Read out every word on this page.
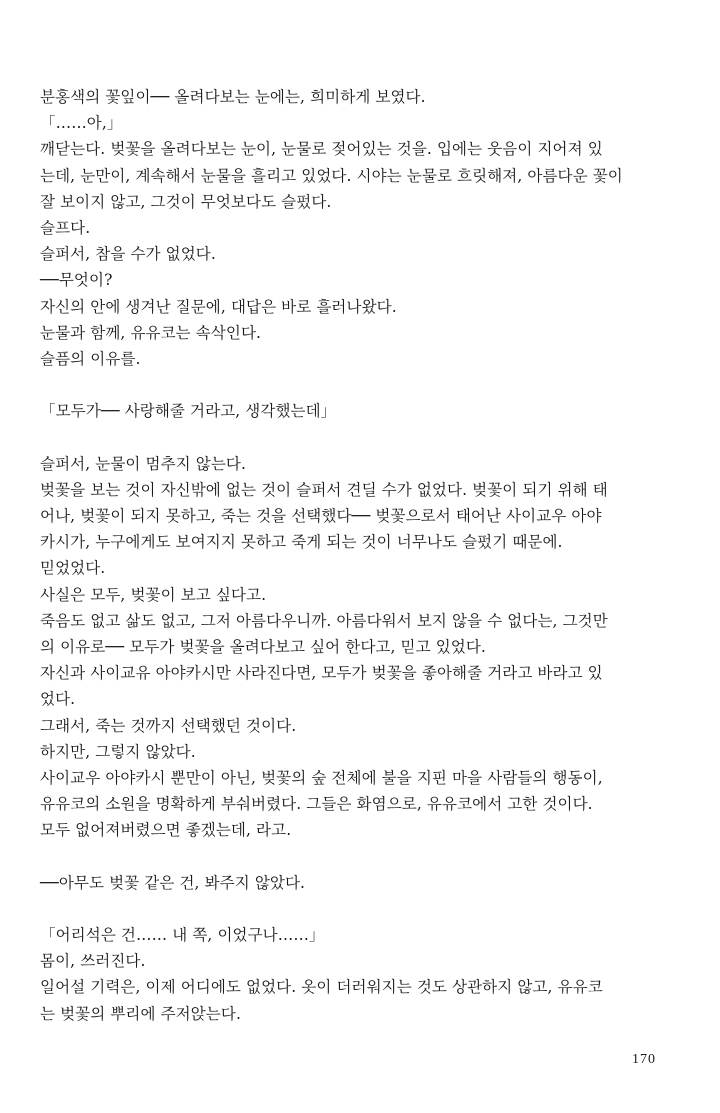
분홍색의 꽃잎이── 올려다보는 눈에는, 희미하게 보였다.
「……아,」
깨닫는다. 벚꽃을 올려다보는 눈이, 눈물로 젖어있는 것을. 입에는 웃음이 지어져 있
는데, 눈만이, 계속해서 눈물을 흘리고 있었다. 시야는 눈물로 흐릿해져, 아름다운 꽃이
잘 보이지 않고, 그것이 무엇보다도 슬펐다.
슬프다.
슬퍼서, 참을 수가 없었다.
──무엇이?
자신의 안에 생겨난 질문에, 대답은 바로 흘러나왔다.
눈물과 함께, 유유코는 속삭인다.
슬픔의 이유를.
「모두가── 사랑해줄 거라고, 생각했는데」
슬퍼서, 눈물이 멈추지 않는다.
벚꽃을 보는 것이 자신밖에 없는 것이 슬퍼서 견딜 수가 없었다. 벚꽃이 되기 위해 태
어나, 벚꽃이 되지 못하고, 죽는 것을 선택했다── 벚꽃으로서 태어난 사이교우 아야
카시가, 누구에게도 보여지지 못하고 죽게 되는 것이 너무나도 슬펐기 때문에.
믿었었다.
사실은 모두, 벚꽃이 보고 싶다고.
죽음도 없고 삶도 없고, 그저 아름다우니까. 아름다워서 보지 않을 수 없다는, 그것만
의 이유로── 모두가 벚꽃을 올려다보고 싶어 한다고, 믿고 있었다.
자신과 사이교유 아야카시만 사라진다면, 모두가 벚꽃을 좋아해줄 거라고 바라고 있
었다.
그래서, 죽는 것까지 선택했던 것이다.
하지만, 그렇지 않았다.
사이교우 아야카시 뿐만이 아닌, 벚꽃의 숲 전체에 불을 지핀 마을 사람들의 행동이,
유유코의 소원을 명확하게 부숴버렸다. 그들은 화염으로, 유유코에서 고한 것이다.
모두 없어져버렸으면 좋겠는데, 라고.
──아무도 벚꽃 같은 건, 봐주지 않았다.
「어리석은 건…… 내 쪽, 이었구나……」
몸이, 쓰러진다.
일어설 기력은, 이제 어디에도 없었다. 옷이 더러워지는 것도 상관하지 않고, 유유코
는 벚꽃의 뿌리에 주저앉는다.
170
